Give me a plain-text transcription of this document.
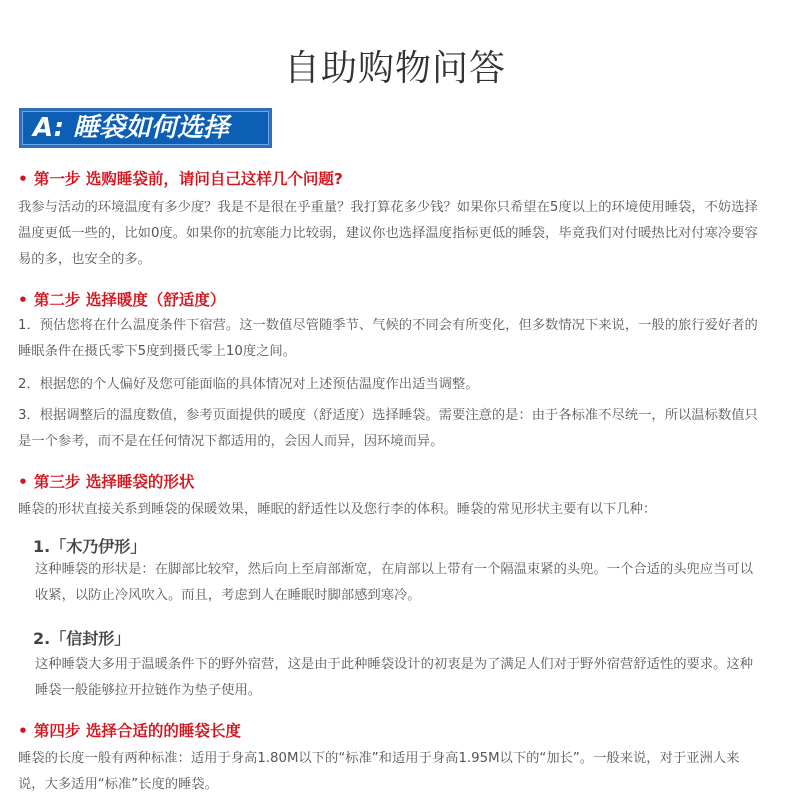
自助购物问答
A: 睡袋如何选择
• 第一步 选购睡袋前，请问自己这样几个问题?

我参与活动的环境温度有多少度？我是不是很在乎重量？我打算花多少钱？如果你只希望在5度以上的环境使用睡袋，不妨选择温度更低一些的，比如0度。如果你的抗寒能力比较弱，建议你也选择温度指标更低的睡袋，毕竟我们对付暖热比对付寒冷要容易的多，也安全的多。

• 第二步 选择暖度（舒适度）

1．预估您将在什么温度条件下宿营。这一数值尽管随季节、气候的不同会有所变化，但多数情况下来说，一般的旅行爱好者的睡眠条件在摄氏零下5度到摄氏零上10度之间。

2．根据您的个人偏好及您可能面临的具体情况对上述预估温度作出适当调整。

3．根据调整后的温度数值，参考页面提供的暖度（舒适度）选择睡袋。需要注意的是：由于各标准不尽统一，所以温标数值只是一个参考，而不是在任何情况下都适用的，会因人而异，因环境而异。

• 第三步 选择睡袋的形状

睡袋的形状直接关系到睡袋的保暖效果，睡眠的舒适性以及您行李的体积。睡袋的常见形状主要有以下几种：

1.「木乃伊形」

这种睡袋的形状是：在脚部比较窄，然后向上至肩部渐宽，在肩部以上带有一个隔温束紧的头兜。一个合适的头兜应当可以收紧，以防止冷风吹入。而且，考虑到人在睡眠时脚部感到寒冷。

2.「信封形」

这种睡袋大多用于温暖条件下的野外宿营，这是由于此种睡袋设计的初衷是为了满足人们对于野外宿营舒适性的要求。这种睡袋一般能够拉开拉链作为垫子使用。

• 第四步 选择合适的的睡袋长度

睡袋的长度一般有两种标准：适用于身高1.80M以下的“标准”和适用于身高1.95M以下的“加长”。一般来说，对于亚洲人来说，大多适用“标准”长度的睡袋。
